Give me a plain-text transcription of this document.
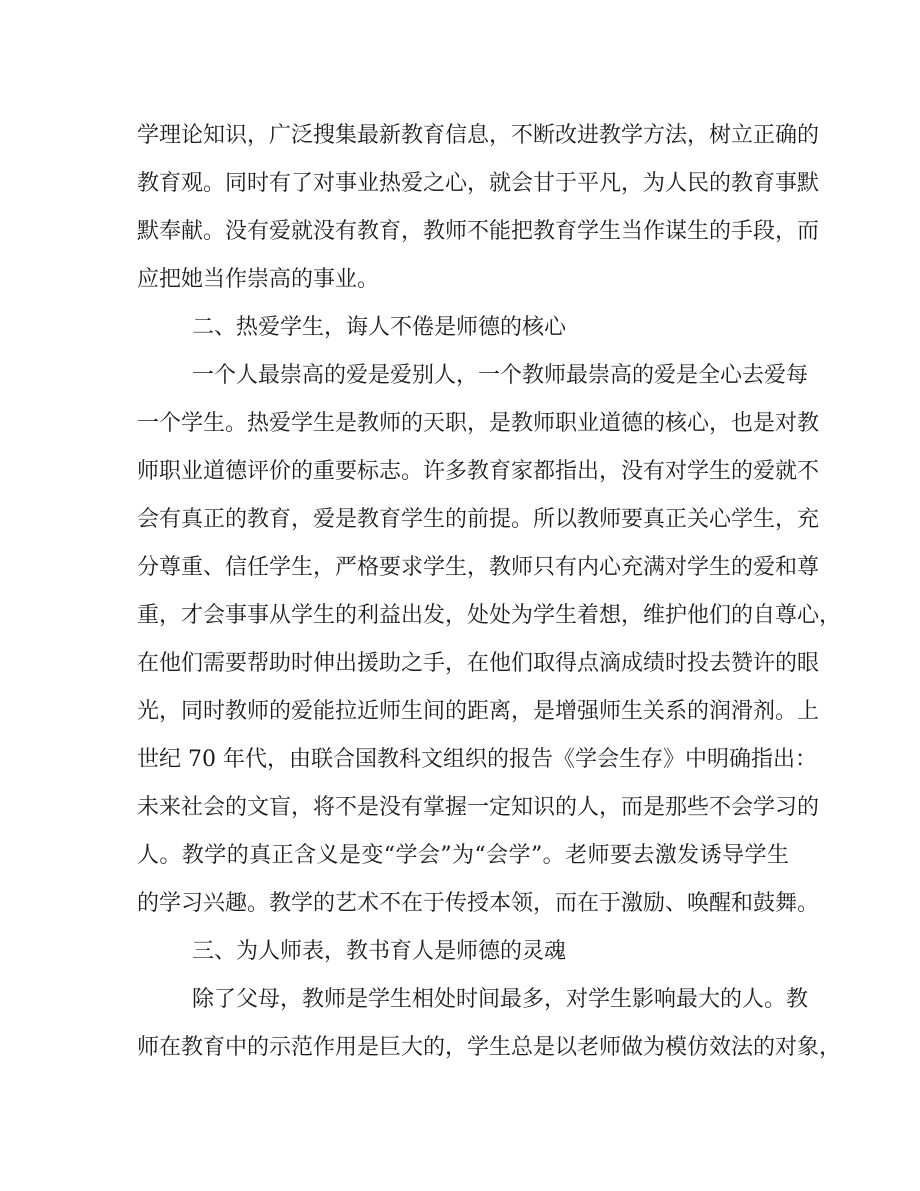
学理论知识，广泛搜集最新教育信息，不断改进教学方法，树立正确的
教育观。同时有了对事业热爱之心，就会甘于平凡，为人民的教育事默
默奉献。没有爱就没有教育，教师不能把教育学生当作谋生的手段，而
应把她当作崇高的事业。
二、热爱学生，诲人不倦是师德的核心
一个人最崇高的爱是爱别人，一个教师最崇高的爱是全心去爱每
一个学生。热爱学生是教师的天职，是教师职业道德的核心，也是对教
师职业道德评价的重要标志。许多教育家都指出，没有对学生的爱就不
会有真正的教育，爱是教育学生的前提。所以教师要真正关心学生，充
分尊重、信任学生，严格要求学生，教师只有内心充满对学生的爱和尊
重，才会事事从学生的利益出发，处处为学生着想，维护他们的自尊心，
在他们需要帮助时伸出援助之手，在他们取得点滴成绩时投去赞许的眼
光，同时教师的爱能拉近师生间的距离，是增强师生关系的润滑剂。上
世纪 70 年代，由联合国教科文组织的报告《学会生存》中明确指出：
未来社会的文盲，将不是没有掌握一定知识的人，而是那些不会学习的
人。教学的真正含义是变“学会”为“会学”。老师要去激发诱导学生
的学习兴趣。教学的艺术不在于传授本领，而在于激励、唤醒和鼓舞。
三、为人师表，教书育人是师德的灵魂
除了父母，教师是学生相处时间最多，对学生影响最大的人。教
师在教育中的示范作用是巨大的，学生总是以老师做为模仿效法的对象，
